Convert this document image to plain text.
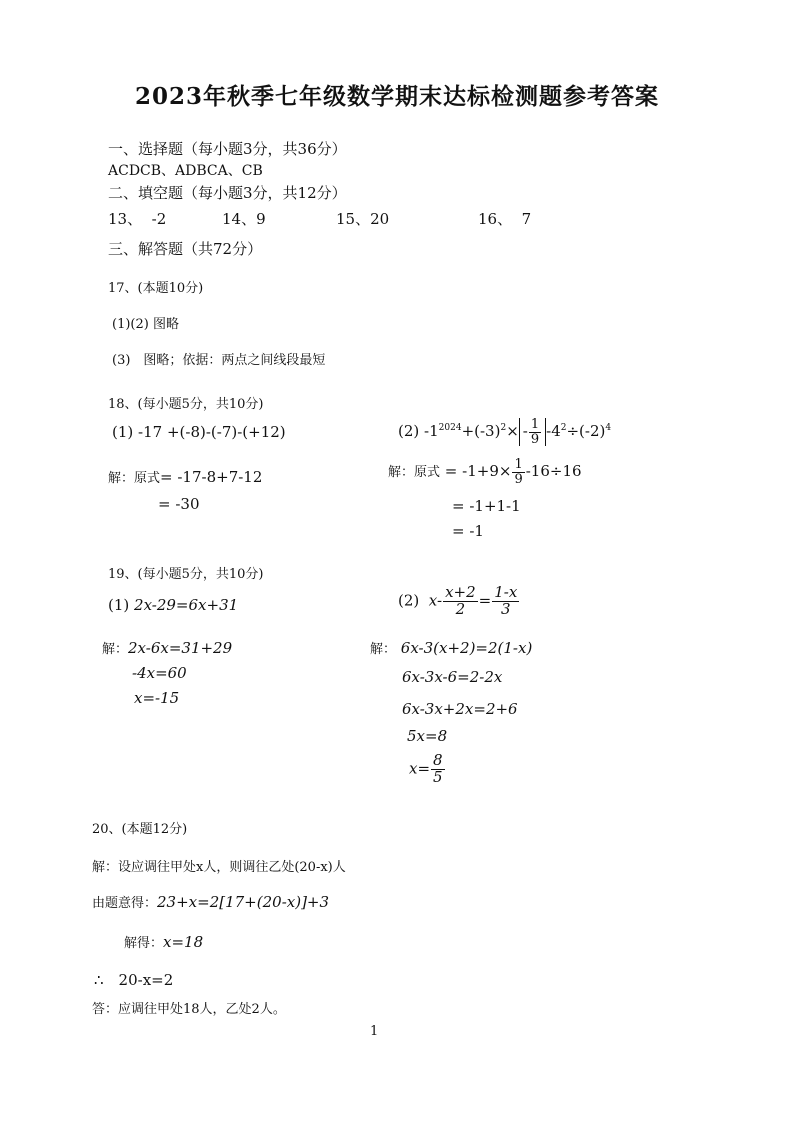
2023年秋季七年级数学期末达标检测题参考答案
一、选择题（每小题3分，共36分）
ACDCB、ADBCA、CB
二、填空题（每小题3分，共12分）
13、 -2	14、9	15、20	16、 7
三、解答题（共72分）
17、(本题10分)
(1)(2) 图略
(3)　图略；依据：两点之间线段最短
18、(每小题5分，共10分)
(1) -17 +(-8)-(-7)-(+12)
解：原式= -17-8+7-12
= -30
(2) $-1^{2024}+(-3)^2\times - \frac{1}{9} -4^2\div(-2)^4$
解：原式 = $-1+9\times \frac{1}{9} -16\div 16$
= -1+1-1
= -1
19、(每小题5分，共10分)
(1) 2x-29=6x+31
解：2x-6x=31+29
-4x=60
x=-15
(2) $x- \frac{x+2}{2} = \frac{1-x}{3}$
解： 6x-3(x+2)=2(1-x)
6x-3x-6=2-2x
6x-3x+2x=2+6
5x=8
$x= \frac{8}{5}$
20、(本题12分)
解：设应调往甲处x人，则调往乙处(20-x)人
由题意得：23+x=2[17+(20-x)]+3
解得：x=18
∴　20-x=2
答：应调往甲处18人，乙处2人。
1
